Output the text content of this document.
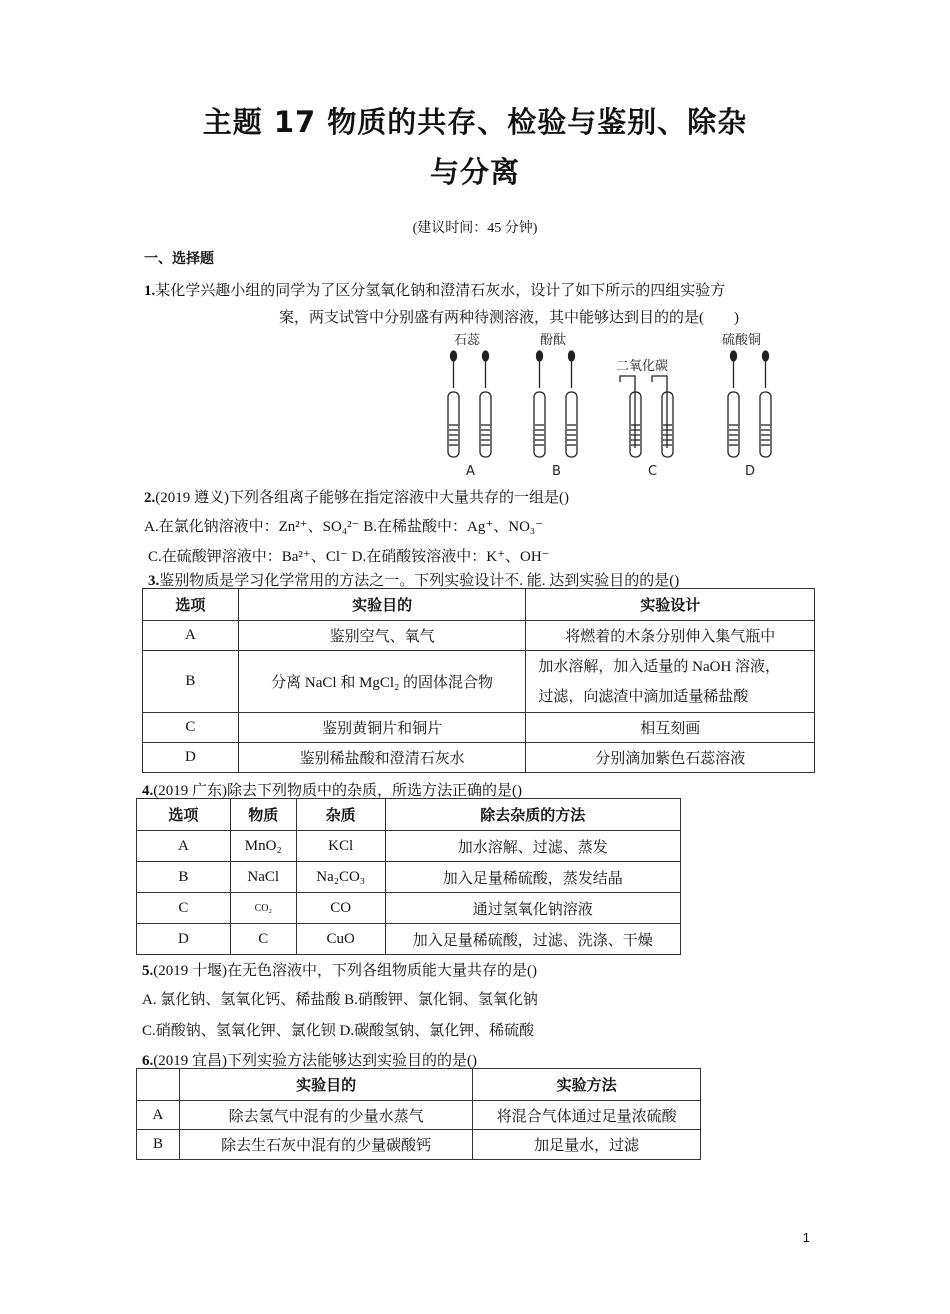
主题 17 物质的共存、检验与鉴别、除杂
与分离
(建议时间：45 分钟)
一、选择题
1.某化学兴趣小组的同学为了区分氢氧化钠和澄清石灰水，设计了如下所示的四组实验方
案，两支试管中分别盛有两种待测溶液，其中能够达到目的的是(　　)
石蕊	酚酞
二氧化碳
硫酸铜
A	B	C	D
2.(2019 遵义)下列各组离子能够在指定溶液中大量共存的一组是()
A.在氯化钠溶液中：Zn²⁺、SO₄²⁻ B.在稀盐酸中：Ag⁺、NO₃⁻
C.在硫酸钾溶液中：Ba²⁺、Cl⁻ D.在硝酸铵溶液中：K⁺、OH⁻
3.鉴别物质是学习化学常用的方法之一。下列实验设计不. 能. 达到实验目的的是()
选项	实验目的	实验设计
A	鉴别空气、氧气	将燃着的木条分别伸入集气瓶中
B	分离 NaCl 和 MgCl₂ 的固体混合物	加水溶解，加入适量的 NaOH 溶液，
过滤，向滤渣中滴加适量稀盐酸

C	鉴别黄铜片和铜片	相互刻画
D	鉴别稀盐酸和澄清石灰水	分别滴加紫色石蕊溶液
4.(2019 广东)除去下列物质中的杂质，所选方法正确的是()
选项	物质	杂质	除去杂质的方法
A	MnO₂	KCl	加水溶解、过滤、蒸发
B	NaCl	Na₂CO₃	加入足量稀硫酸，蒸发结晶
C	CO₂	CO	通过氢氧化钠溶液
D	C	CuO	加入足量稀硫酸，过滤、洗涤、干燥
5.(2019 十堰)在无色溶液中，下列各组物质能大量共存的是()
A. 氯化钠、氢氧化钙、稀盐酸 B.硝酸钾、氯化铜、氢氧化钠
C.硝酸钠、氢氧化钾、氯化钡 D.碳酸氢钠、氯化钾、稀硫酸
6.(2019 宜昌)下列实验方法能够达到实验目的的是()
	实验目的	实验方法
A	除去氢气中混有的少量水蒸气	将混合气体通过足量浓硫酸
B	除去生石灰中混有的少量碳酸钙	加足量水，过滤
1
